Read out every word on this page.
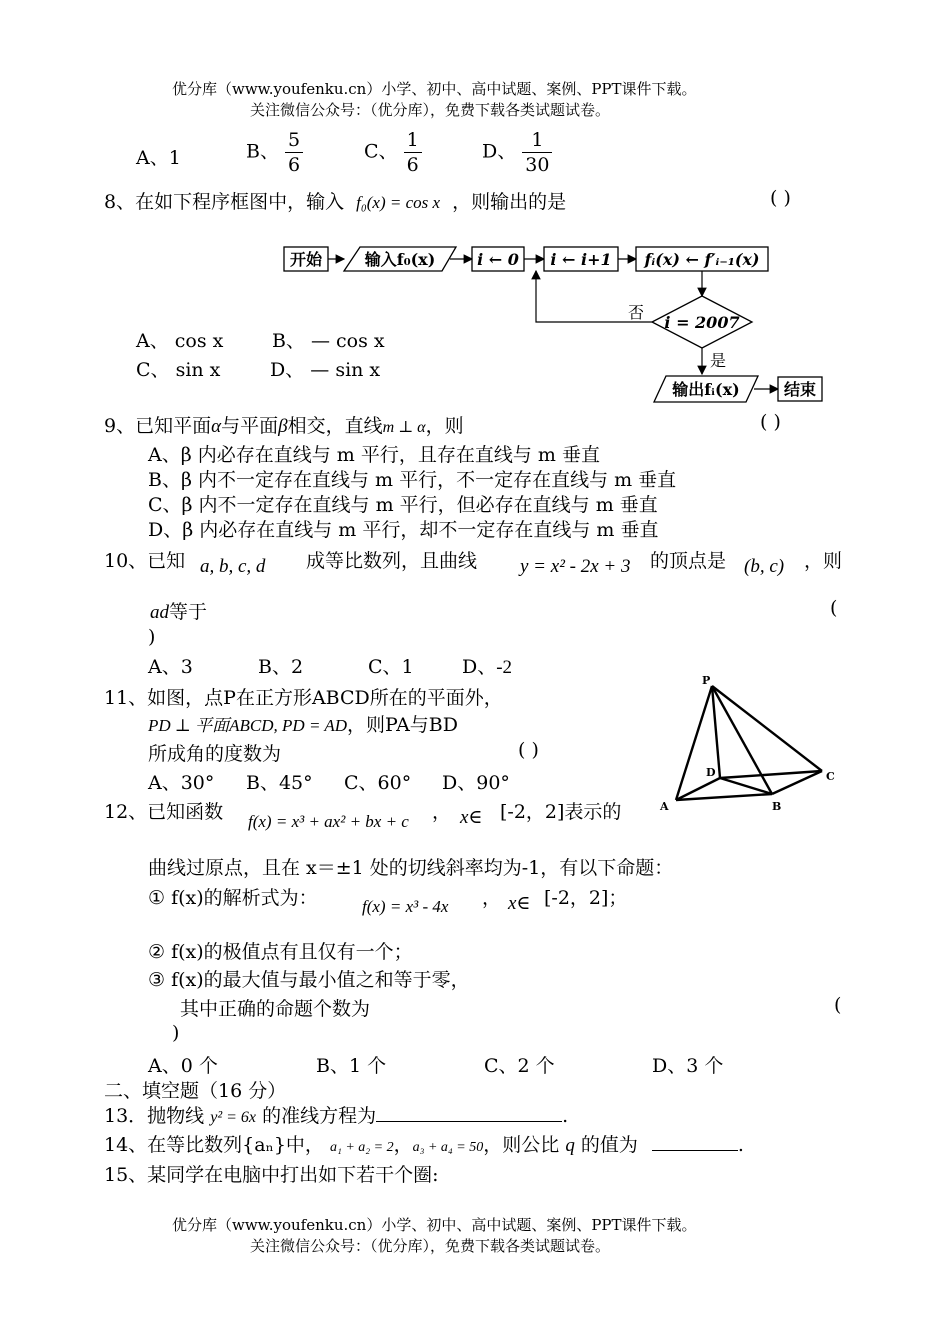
优分库（www.youfenku.cn）小学、初中、高中试题、案例、PPT课件下载。
关注微信公众号：（优分库），免费下载各类试题试卷。
A、1	B、 $\frac{5}{6}$	C、 $\frac{1}{6}$	D、 $\frac{1}{30}$
8、在如下程序框图中，输入 f₀(x) = cos x ，则输出的是	( )
开始	输入f₀(x)	i ← 0 i ← i+1 fᵢ(x) ← f′ᵢ₋₁(x)
i = 2007
否
是
输出fᵢ(x)	结束
A、 cos x	B、 — cos x
C、 sin x	D、 — sin x
9、已知平面α与平面β相交，直线m ⊥ α，则	( )
A、β 内必存在直线与 m 平行，且存在直线与 m 垂直
B、β 内不一定存在直线与 m 平行，不一定存在直线与 m 垂直
C、β 内不一定存在直线与 m 平行，但必存在直线与 m 垂直
D、β 内必存在直线与 m 平行，却不一定存在直线与 m 垂直
10、已知 a, b, c, d 成等比数列，且曲线 y = x² - 2x + 3 的顶点是 (b, c) ，则
ad等于	(
)
A、3	B、2	C、1	D、-2
11、如图，点P在正方形ABCD所在的平面外，
PD ⊥ 平面ABCD, PD = AD，则PA与BD
所成角的度数为	( )
A、30° B、45° C、60° D、90°
P
D	C
A	B
12、已知函数 f(x) = x³ + ax² + bx + c ， x∈ [-2，2]表示的
曲线过原点，且在 x＝±1 处的切线斜率均为-1，有以下命题：
① f(x)的解析式为：	f(x) = x³ - 4x ， x∈ [-2，2]；
② f(x)的极值点有且仅有一个；
③ f(x)的最大值与最小值之和等于零，
其中正确的命题个数为	(
)
A、0 个	B、1 个	C、2 个	D、3 个
二、填空题（16 分）
13．抛物线 y² = 6x 的准线方程为	.
14、在等比数列{aₙ}中， a₁ + a₂ = 2，a₃ + a₄ = 50，则公比 q 的值为	.
15、某同学在电脑中打出如下若干个圈:
优分库（www.youfenku.cn）小学、初中、高中试题、案例、PPT课件下载。
关注微信公众号：（优分库），免费下载各类试题试卷。
